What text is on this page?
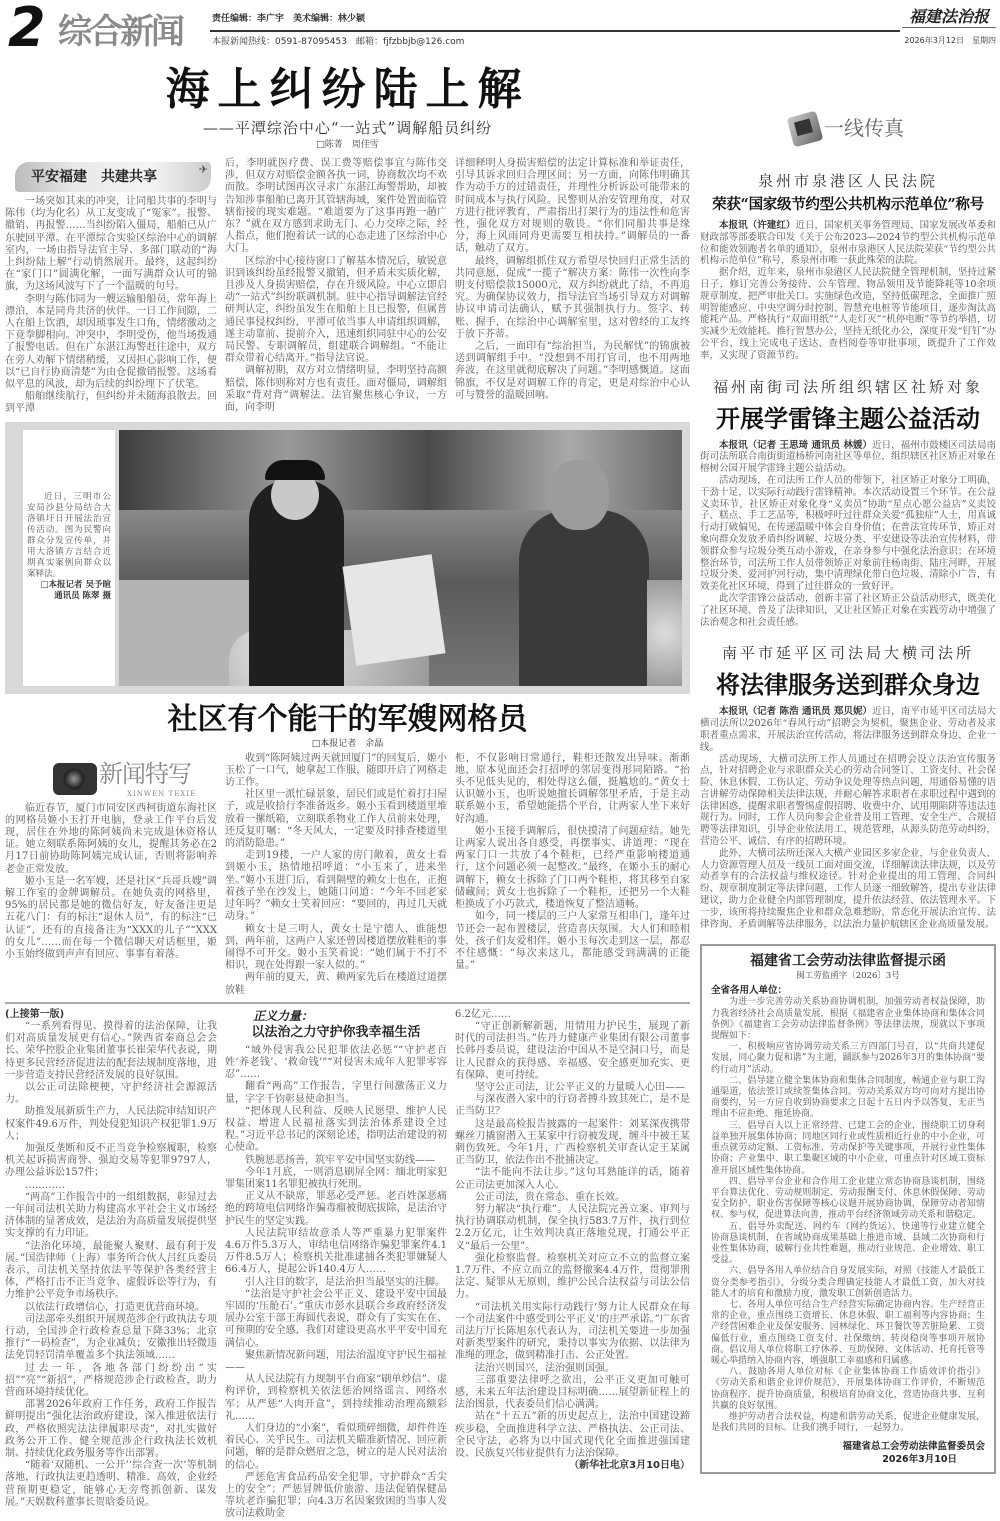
2 综合新闻	责任编辑：李广宇　美术编辑：林少颖
本报新闻热线：0591-87095453　邮箱：fjfzbbjb@126.com
福建法治报
2026年3月12日　星期四
海上纠纷陆上解
——平潭综治中心“一站式”调解船员纠纷
□陈菁　周佳雪
平安福建　共建共享	✈

一场突如其来的冲突，让同船共事的李明与陈伟（均为化名）从工友变成了“冤家”。报警、撤销、再报警……当纠纷陷入僵局，船舶已从广东驶回平潭。在平潭综合实验区综治中心的调解室内，一场由指导法官主导、多部门联动的“海上纠纷陆上解”行动悄然展开。最终，这起纠纷在“家门口”圆满化解，一面写满群众认可的锦旗，为这场风波写下了一个温暖的句号。

李明与陈伟同为一艘运输船船员，常年海上漂泊，本是同舟共济的伙伴。一日工作间隙，二人在船上饮酒，却因琐事发生口角，情绪激动之下竟拳脚相向。冲突中，李明受伤，他当场拨通了报警电话。但在广东湛江海警赶往途中，双方在旁人劝解下情绪稍缓，又因担心影响工作，便以“已自行协商清楚”为由仓促撤销报警。这场看似平息的风波，却为后续的纠纷埋下了伏笔。

船舶继续航行，但纠纷并未随海浪散去。回到平潭

后，李明就医疗费、误工费等赔偿事宜与陈伟交涉，但双方对赔偿金额各执一词，协商数次均不欢而散。李明试图再次寻求广东湛江海警帮助，却被告知涉事船舶已离开其管辖海域，案件处置面临管辖衔接的现实难题。“难道要为了这事再跑一趟广东？”就在双方感到求助无门、心力交瘁之际，经人指点，他们抱着试一试的心态走进了区综治中心大门。

区综治中心接待窗口了解基本情况后，敏锐意识到该纠纷虽经报警又撤销，但矛盾未实质化解，且涉及人身损害赔偿，存在升级风险。中心立即启动“一站式”纠纷联调机制。驻中心指导调解法官经研判认定，纠纷虽发生在船舶上且已报警，但属普通民事侵权纠纷，平潭可依当事人申请组织调解，遂主动靠前、提前介入，迅速组织同驻中心的公安局民警、专职调解员，组建联合调解组。“不能让群众带着心结离开。”指导法官说。

调解初期，双方对立情绪明显，李明坚持高额赔偿，陈伟则称对方也有责任。面对僵局，调解组采取“背对背”调解法。法官聚焦核心争议，一方面，向李明

详细释明人身损害赔偿的法定计算标准和举证责任，引导其诉求回归合理区间；另一方面，向陈伟明确其作为动手方的过错责任，并理性分析诉讼可能带来的时间成本与执行风险。民警则从治安管理角度，对双方进行批评教育，严肃指出打架行为的违法性和危害性，强化双方对规则的敬畏。“你们同船共事是缘分，海上风雨同舟更需要互相扶持。”调解员的一番话，触动了双方。

最终，调解组抓住双方希望尽快回归正常生活的共同意愿，促成“一揽子”解决方案：陈伟一次性向李明支付赔偿款15000元，双方纠纷就此了结，不再追究。为确保协议效力，指导法官当场引导双方对调解协议申请司法确认，赋予其强制执行力。签字、转账、握手，在综治中心调解室里，这对曾经的工友终于放下芥蒂。

之后，一面印有“综治担当，为民解忧”的锦旗被送到调解组手中。“没想到不用打官司，也不用两地奔波，在这里就彻底解决了问题。”李明感慨道。这面锦旗，不仅是对调解工作的肯定，更是对综治中心认可与赞誉的温暖回响。

近日，三明市公安局沙县分局结合大洛镇圩日开展法治宣传活动。图为民警向群众分发宣传单，并用大洛镇方言结合近期真实案例向群众以案释法。

□本报记者 吴予暄

通讯员 陈翠 摄

社区有个能干的军嫂网格员
□本报记者　余晶
新闻特写
XINWEN TEXIE

临近春节，厦门市同安区西柯街道东海社区的网格员姬小玉打开电脑，登录工作平台后发现，居住在外地的陈阿姨尚未完成退休资格认证。她立刻联系陈阿姨的女儿，提醒其务必在2月17日前协助陈阿姨完成认证，否则将影响养老金正常发放。

姬小玉是一名军嫂，还是社区“兵哥兵嫂”调解工作室的金牌调解员。在她负责的网格里，95%的居民都是她的微信好友，好友备注更是五花八门：有的标注“退休人员”，有的标注“已认证”，还有的直接备注为“XXX的儿子”“XXX的女儿”……而在每一个微信聊天对话框里，姬小玉始终做到声声有回应、事事有着落。

收到“陈阿姨过两天就回厦门”的回复后，姬小玉松了一口气，她拿起工作服，随即开启了网格走访工作。

社区里一派忙碌景象，居民们或是忙着打扫屋子，或是收拾行李准备返乡。姬小玉看到楼道里堆放着一摞纸箱，立刻联系物业工作人员前来处理，还反复叮嘱：“冬天风大，一定要及时排查楼道里的消防隐患。”

走到19楼，一户人家的房门敞着，黄女士看到姬小玉，热情地招呼道：“小玉来了，进来坐坐。”姬小玉进门后，看到隔壁的赖女士也在，正抱着孩子坐在沙发上，她随口问道：“今年不回老家过年吗？”赖女士笑着回应：“要回的，再过几天就动身。”

赖女士是三明人，黄女士是宁德人，谁能想到，两年前，这两户人家还曾因楼道摆放鞋柜的事闹得不可开交。姬小玉笑着说：“她们属于不打不相识，现在处得跟一家人似的。”

两年前的夏天，黄、赖两家先后在楼道过道摆放鞋

柜，不仅影响日常通行，鞋柜还散发出异味。渐渐地，原本见面还会打招呼的邻居变得形同陌路。“抬头不见低头见的，相处得这么僵，挺尴尬的。”黄女士认识姬小玉，也听说她擅长调解邻里矛盾，于是主动联系姬小玉，希望她能搭个平台，让两家人坐下来好好沟通。

姬小玉接手调解后，很快摸清了问题症结。她先让两家人说出各自感受，再摆事实、讲道理：“现在两家门口一共放了4个鞋柜，已经严重影响楼道通行，这个问题必须一起整改。”最终，在姬小玉的耐心调解下，赖女士拆除了门口两个鞋柜，将其移至自家储藏间；黄女士也拆除了一个鞋柜，还把另一个大鞋柜换成了小巧款式，楼道恢复了整洁通畅。

如今，同一楼层的三户人家常互相串门，逢年过节还会一起布置楼层，营造喜庆氛围。大人们和睦相处，孩子们友爱相伴。姬小玉每次走到这一层，都忍不住感慨：“每次来这儿，都能感受到满满的正能量。”

(上接第一版)

“一系列看得见、摸得着的法治保障，让我们对高质量发展更有信心。”陕西省秦商总会会长、荣华控股企业集团董事长崔荣华代表说，期待更多民营经济促进法的配套法规制度落地，进一步营造支持民营经济发展的良好氛围。

以公正司法除梗梗，守护经济社会源源活力。

助推发展新质生产力，人民法院审结知识产权案件49.6万件，判处侵犯知识产权犯罪1.9万人；

加强反垄断和反不正当竞争检察履职，检察机关起诉损害商誉、强迫交易等犯罪9797人，办理公益诉讼157件；

…………

“两高”工作报告中的一组组数据，彰显过去一年间司法机关助力构建高水平社会主义市场经济体制的显著成效，是法治为高质量发展提供坚实支撑的有力印证。

“法治化环境，最能聚人聚财、最有利于发展。”国浩律师（上海）事务所合伙人吕红兵委员表示，司法机关坚持依法平等保护各类经营主体，严格打击不正当竞争、虚假诉讼等行为，有力维护公平竞争市场秩序。

以依法行政增信心，打造更优营商环境。

司法部牵头组织开展规范涉企行政执法专项行动，全国涉企行政检查总量下降33%；北京推行“一码检查”，为企业减负；安徽推出轻微违法免罚轻罚清单覆盖多个执法领域……

过去一年，各地各部门纷纷出“实招”“亮”“新招”，严格规范涉企行政检查，助力营商环境持续优化。

部署2026年政府工作任务，政府工作报告鲜明提出“强化法治政府建设，深入推进依法行政，严格依照宪法法律履职尽责”，对扎实做好政务公开工作、健全规范涉企行政执法长效机制、持续优化政务服务等作出部署。

“随着‘双随机、一公开’‘综合查一次’等机制落地，行政执法更趋透明、精准、高效，企业经营预期更稳定，能够心无旁骛抓创新、谋发展。”天娱数科董事长贺晗委员说。

正义力量：
以法治之力守护你我幸福生活

“域外侵害我公民犯罪依法必惩”“守护老百姓‘养老钱’、‘救命钱’”“对侵害未成年人犯罪零容忍”……

翻看“两高”工作报告，字里行间激荡正义力量，字字千钧彰显使命担当。

“把体现人民利益、反映人民愿望、维护人民权益、增进人民福祉落实到法治体系建设全过程。”习近平总书记的深刻论述，指明法治建设的初心使命。

铁腕惩恶扬善，筑牢平安中国坚实防线——

今年1月底，一则消息刷屏全网：缅北明家犯罪集团案11名罪犯被执行死刑。

正义从不缺席，罪恶必受严惩。老百姓深恶痛绝的跨境电信网络诈骗毒瘤被彻底拔除，是法治守护民生的坚定实践。

人民法院审结故意杀人等严重暴力犯罪案件4.6万件5.3万人，审结电信网络诈骗犯罪案件4.1万件8.5万人；检察机关批准逮捕各类犯罪嫌疑人66.4万人，提起公诉140.4万人……

引人注目的数字，是法治担当最坚实的注脚。

“法治是守护社会公平正义、建设平安中国最牢固的‘压舱石’。”重庆市彭水县联合乡政府经济发展办公室干部王海圆代表说，群众有了实实在在、可预期的安全感，我们对建设更高水平平安中国充满信心。

聚焦新情况新问题，用法治温度守护民生福祉——

从人民法院有力规制平台商家“刷单炒信”、虚构评价，到检察机关依法惩治网络谣言、网络水军；从严惩“人肉开盒”，到持续推动治理高额彩礼……

人们身边的“小案”，看似琐碎细微，却件件连着民心、关乎民生。司法机关瞄准新情况、回应新问题，解的是群众燃眉之急，树立的是人民对法治的信心。

严惩危害食品药品安全犯罪，守护群众“舌尖上的安全”；严惩冒牌低价旅游、违法促销保健品等坑老诈骗犯罪；向4.3万名因案致困的当事人发放司法救助金

6.2亿元……

“守正创新解新题，用情用力护民生，展现了新时代的司法担当。”佐丹力健康产业集团有限公司董事长韩丹委员说，建设法治中国从不是空洞口号，而是让人民群众的获得感、幸福感、安全感更加充实、更有保障、更可持续。

坚守公正司法，让公平正义的力量暖人心田——

与深夜潜入家中的行窃者搏斗致其死亡，是不是正当防卫？

这是最高检报告披露的一起案件：刘某深夜携带螺丝刀撬窗潜入王某家中行窃被发现，缠斗中被王某刺伤致死。今年1月，广西检察机关审查认定王某属正当防卫，依法作出不批捕决定。

“法不能向不法让步。”这句耳熟能详的话，随着公正司法更加深入人心。

公正司法，贵在常态、重在长效。

努力解决“执行难”。人民法院完善立案、审判与执行协调联动机制，保全执行583.7万件，执行到位2.2万亿元，让生效判决真正落地兑现，打通公平正义“最后一公里”。

强化检察监督。检察机关对应立不立的监督立案1.7万件、不应立而立的监督撤案4.4万件，贯彻罪刑法定、疑罪从无原则，维护公民合法权益与司法公信力。

“司法机关用实际行动践行‘努力让人民群众在每一个司法案件中感受到公平正义’的庄严承诺。”广东省司法厅厅长陈旭东代表认为，司法机关要进一步加强对新类型案件的研究，秉持以事实为依据、以法律为准绳的理念，做到精准打击、公正处置。

法治兴则国兴，法治强则国强。

三部重要法律呼之欲出，公平正义更加可触可感，未来五年法治建设目标明确……展望新征程上的法治图景，代表委员们信心满满。

站在“十五五”新的历史起点上，法治中国建设蹄疾步稳，全面推进科学立法、严格执法、公正司法、全民守法，必将为以中国式现代化全面推进强国建设、民族复兴伟业提供有力法治保障。

（新华社北京3月10日电）

一线传真
泉州市泉港区人民法院
荣获“国家级节约型公共机构示范单位”称号

本报讯（许建红）近日，国家机关事务管理局、国家发展改革委和财政部等部委联合印发《关于公布2023—2024节约型公共机构示范单位和能效领跑者名单的通知》，泉州市泉港区人民法院荣获“节约型公共机构示范单位”称号，系泉州市唯一获此殊荣的法院。

据介绍，近年来，泉州市泉港区人民法院健全管理机制，坚持过紧日子，修订完善公务接待、公车管理、物品领用及节能降耗等10余项规章制度，把严审批关口。实施绿色改造，坚持低碳理念，全面推广照明智能感应、中央空调分时控制、智慧充电桩等节能项目，逐步淘汰高能耗产品。严格执行“双面用纸”“人走灯灭”“机停电断”等节约举措，切实减少无效能耗。推行智慧办公，坚持无纸化办公，深度开发“钉钉”办公平台，线上完成电子送达、查档阅卷等审批事项，既提升了工作效率，又实现了资源节约。

福州南街司法所组织辖区社矫对象
开展学雷锋主题公益活动

本报讯（记者 王思琦 通讯员 林媛）近日，福州市鼓楼区司法局南街司法所联合南街街道杨桥河南社区等单位，组织辖区社区矫正对象在榕树公园开展学雷锋主题公益活动。

活动现场，在司法所工作人员的带领下，社区矫正对象分工明确、干劲十足，以实际行动践行雷锋精神。本次活动设置三个环节。在公益义卖环节，社区矫正对象化身“义卖员”协助“星点心愿公益店”义卖饺子、糕点、手工艺品等，积极呼吁过往群众关爱“孤独症”人士，用真诚行动打破偏见，在传递温暖中体会自身价值；在普法宣传环节，矫正对象向群众发放矛盾纠纷调解、垃圾分类、平安建设等法治宣传材料，带领群众参与垃圾分类互动小游戏，在亲身参与中强化法治意识；在环境整治环节，司法所工作人员带领矫正对象前往杨南街、陆庄河畔，开展垃圾分类、爱河护河行动，集中清理绿化带白色垃圾、清除小广告，有效美化社区环境，得到了过往群众的一致好评。

此次学雷锋公益活动，创新丰富了社区矫正公益活动形式，既美化了社区环境、普及了法律知识，又让社区矫正对象在实践劳动中增强了法治观念和社会责任感。

南平市延平区司法局大横司法所
将法律服务送到群众身边

本报讯（记者 陈浩 通讯员 郑贝妮）近日，南平市延平区司法局大横司法所以2026年“春风行动”招聘会为契机，聚焦企业、劳动者及求职者重点需求，开展法治宣传活动，将法律服务送到群众身边、企业一线。

活动现场，大横司法所工作人员通过在招聘会设立法治宣传服务点，针对招聘企业与求职群众关心的劳动合同签订、工资支付、社会保险、休息休假、工伤认定、劳动争议处理等热点问题，用通俗易懂的语言讲解劳动保障相关法律法规，并耐心解答求职者在求职过程中遇到的法律困惑，提醒求职者警惕虚假招聘、收费中介、试用期陷阱等违法违规行为。同时，工作人员向参会企业普及用工管理、安全生产、合规招聘等法律知识，引导企业依法用工、规范管理，从源头防范劳动纠纷，营造公平、诚信、有序的招聘环境。

此外，大横司法所还深入大横产业园区多家企业，与企业负责人、人力资源管理人员及一线员工面对面交流，详细解读法律法规，以及劳动者享有的合法权益与维权途径。针对企业提出的用工管理、合同纠纷、规章制度制定等法律问题，工作人员逐一细致解答，提出专业法律建议，助力企业健全内部管理制度，提升依法经营、依法管理水平。下一步，该所将持续聚焦企业和群众急难愁盼，常态化开展法治宣传、法律咨询、矛盾调解等法律服务，以法治力量护航辖区企业高质量发展。

福建省工会劳动法律监督提示函
闽工劳监函字〔2026〕3号
全省各用人单位：

为进一步完善劳动关系协商协调机制，加强劳动者权益保障，助力我省经济社会高质量发展，根据《福建省企业集体协商和集体合同条例》《福建省工会劳动法律监督条例》等法律法规，现就以下事项提醒如下：

一、积极响应省协调劳动关系三方四部门号召，以“共商共建促发展，同心聚力促和谐”为主题，踊跃参与2026年3月的集体协商“要约行动月”活动。

二、倡导建立健全集体协商和集体合同制度，畅通企业与职工沟通渠道，依法签订或续签集体合同。劳动关系双方均可向对方提出协商要约，另一方应自收到协商要求之日起十五日内予以答复，无正当理由不应拒绝、拖延协商。

三、倡导百人以上正常经营、已建工会的企业，围绕职工切身利益单独开展集体协商；同地区同行业或性质相近行业的中小企业，可重点就劳动定额、工资标准、劳动保护等关键事项，开展行业性集体协商；产业集中、职工集聚区域的中小企业，可重点针对区域工资标准开展区域性集体协商。

四、倡导平台企业和合作用工企业建立常态协商恳谈机制，围绕平台算法优化、劳动规则制定、劳动报酬支付、休息休假保障、劳动安全防护、职业伤害保障等核心议题开展协商协调，保障劳动者知情权、参与权，促进算法向善，推动平台经济领域劳动关系和谐稳定。

五、倡导外卖配送、网约车（网约货运）、快递等行业建立健全协商恳谈机制，在省域协商成果基础上推进市域、县域二次协商和行业性集体协商，破解行业共性难题，推动行业规范、企业增效、职工受益。

六、倡导各用人单位结合自身发展实际，对照《技能人才最低工资分类参考指引》，分级分类合理确定技能人才最低工资，加大对技能人才的培育和激励力度，激发职工创新创造活力。

七、各用人单位可结合生产经营实际确定协商内容。生产经营正常的企业，重点围绕工资增长、休息休假、职工福利等内容协商；生产经营困难企业及保安服务、园林绿化、环卫餐饮等苦脏险累、工资偏低行业，重点围绕工资支付、社保缴纳、转岗稳岗等事项开展协商。倡议用人单位将职工疗休养、互助保障、文体活动、托育托管等暖心举措纳入协商内容，增强职工幸福感和归属感。

八、鼓励各用人单位对标《企业集体协商工作质效评价指引》《劳动关系和谐企业评价规范》，开展集体协商工作评价，不断规范协商程序、提升协商质量，积极培育协商文化，营造协商共事、互利共赢的良好氛围。

维护劳动者合法权益，构建和谐劳动关系，促进企业健康发展，是我们共同的目标。让我们携手同行，一起努力。

福建省总工会劳动法律监督委员会
2026年3月10日
